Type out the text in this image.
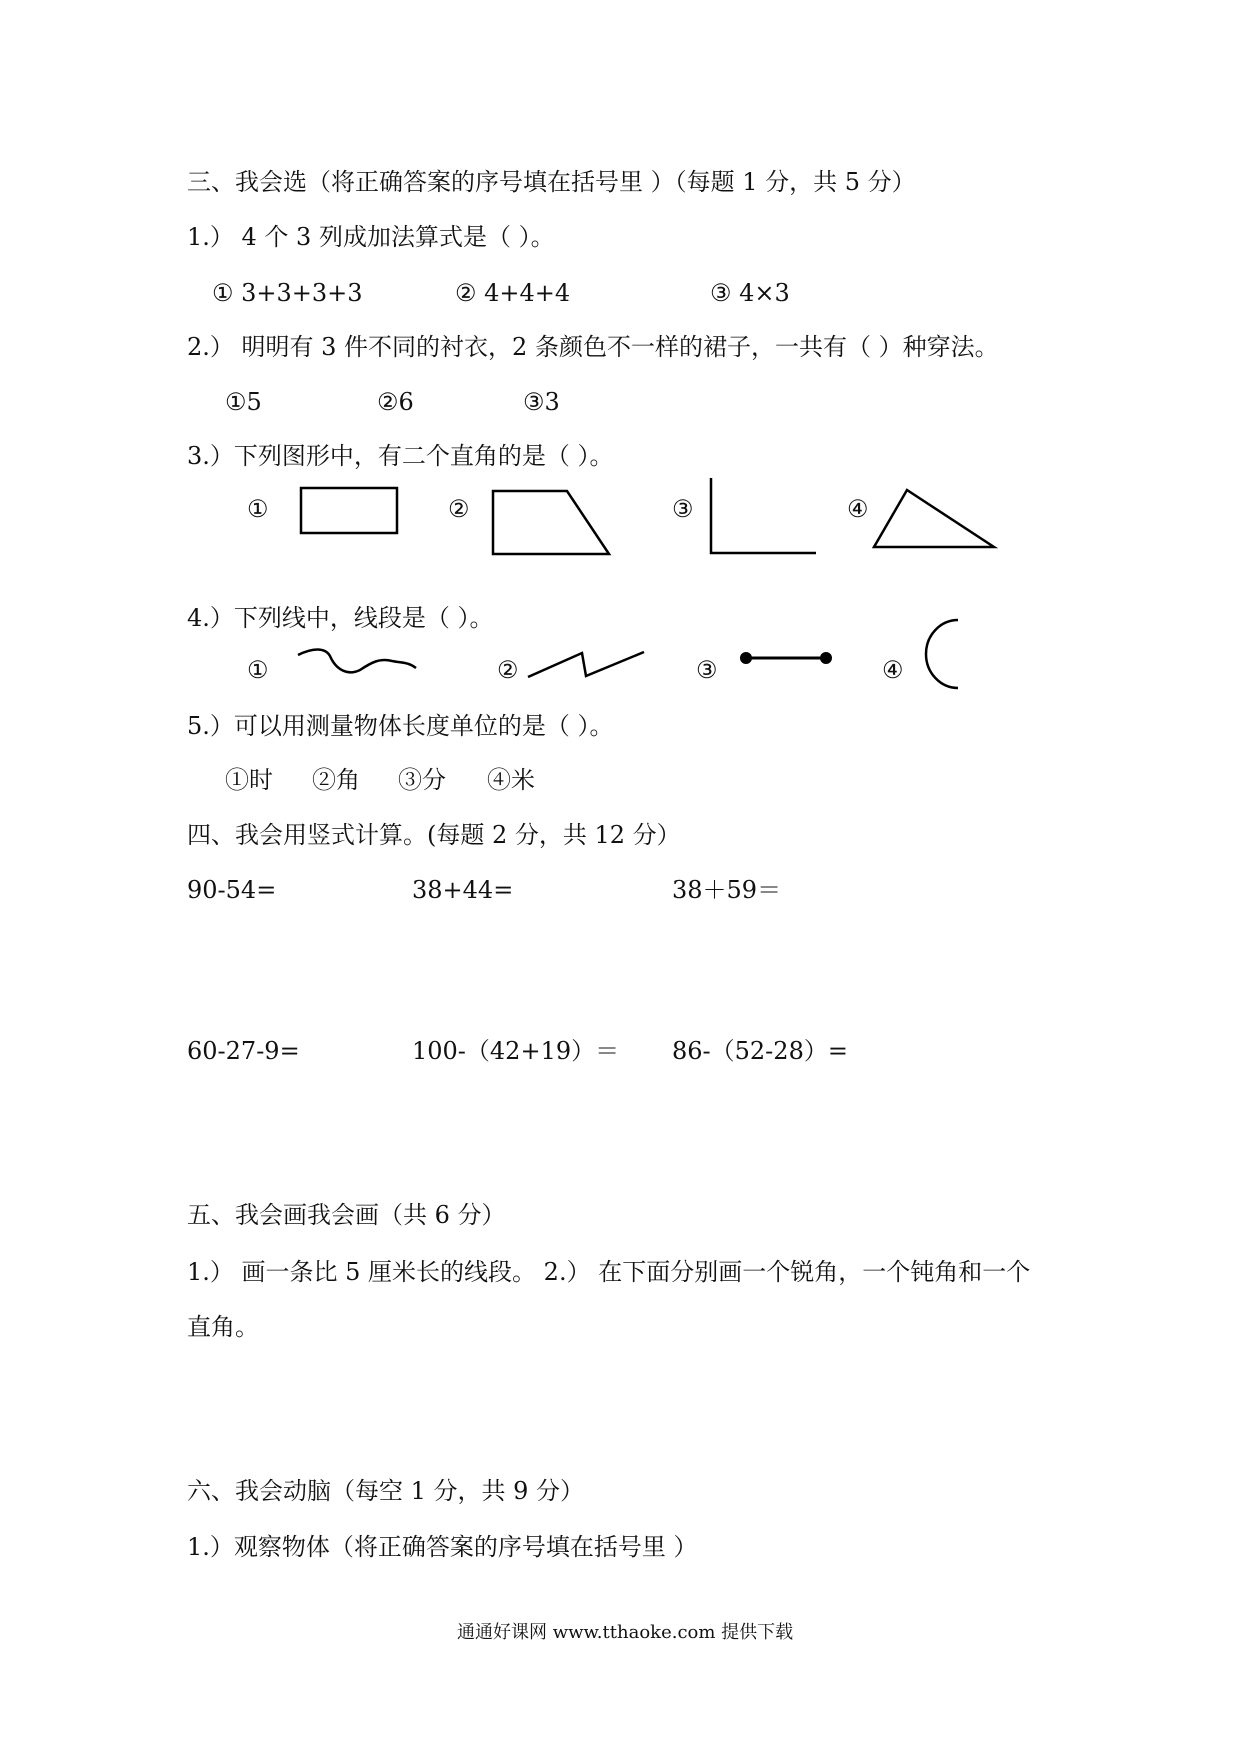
三、我会选（将正确答案的序号填在括号里 ）（每题 1 分，共 5 分）
1.） 4 个 3 列成加法算式是（ ）。
① 3+3+3+3	② 4+4+4	③ 4×3
2.） 明明有 3 件不同的衬衣，2 条颜色不一样的裙子，一共有（ ）种穿法。
①5	②6	③3
3.）下列图形中，有二个直角的是（ ）。
①	②	③	④
4.）下列线中，线段是（ ）。
①	②	③	④
5.）可以用测量物体长度单位的是（ ）。
①时 ②角 ③分 ④米
四、我会用竖式计算。(每题 2 分，共 12 分）
90-54=	38+44=	38＋59＝
60-27-9=	100-（42+19）＝ 86-（52-28）=
五、我会画我会画（共 6 分）
1.） 画一条比 5 厘米长的线段。 2.） 在下面分别画一个锐角，一个钝角和一个
直角。
六、我会动脑（每空 1 分，共 9 分）
1.）观察物体（将正确答案的序号填在括号里 ）
通通好课网 www.tthaoke.com 提供下载
